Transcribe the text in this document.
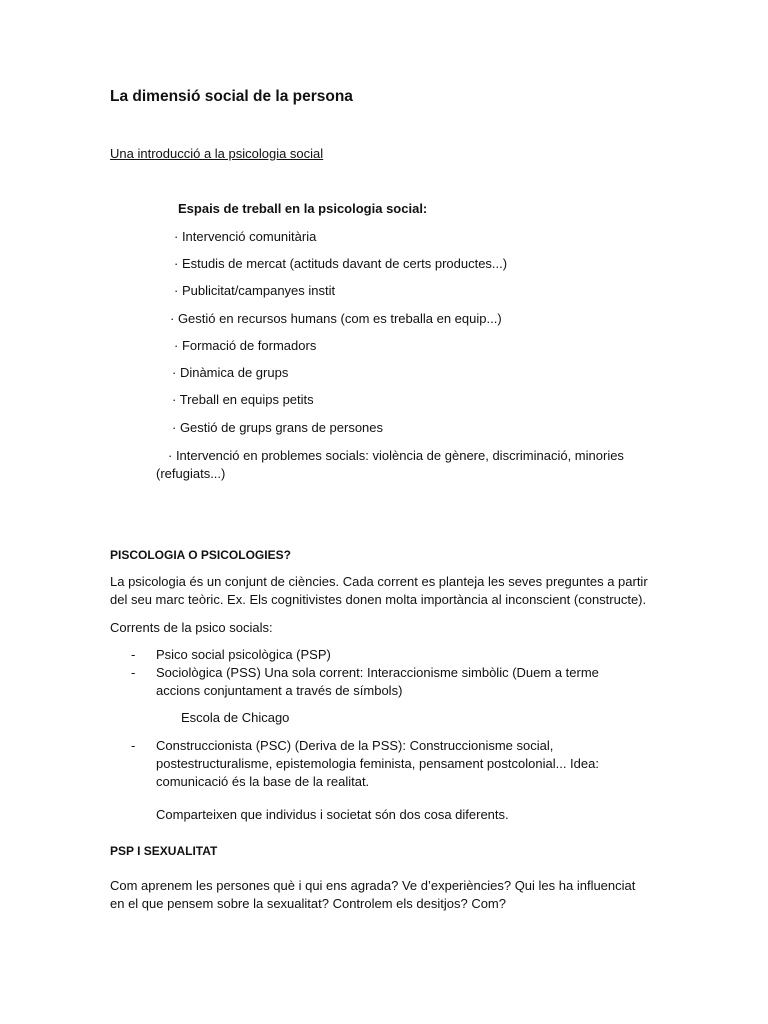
La dimensió social de la persona
Una introducció a la psicologia social
Espais de treball en la psicologia social:
· Intervenció comunitària
· Estudis de mercat (actituds davant de certs productes...)
· Publicitat/campanyes instit
· Gestió en recursos humans (com es treballa en equip...)
· Formació de formadors
· Dinàmica de grups
· Treball en equips petits
· Gestió de grups grans de persones
· Intervenció en problemes socials: violència de gènere, discriminació, minories
(refugiats...)
PISCOLOGIA O PSICOLOGIES?
La psicologia és un conjunt de ciències. Cada corrent es planteja les seves preguntes a partir del seu marc teòric. Ex. Els cognitivistes donen molta importància al inconscient (constructe).
Corrents de la psico socials:
- Psico social psicològica (PSP)
- Sociològica (PSS) Una sola corrent: Interaccionisme simbòlic (Duem a terme accions conjuntament a través de símbols)
Escola de Chicago
- Construccionista (PSC) (Deriva de la PSS): Construccionisme social, postestructuralisme, epistemologia feminista, pensament postcolonial... Idea: comunicació és la base de la realitat.
Comparteixen que individus i societat són dos cosa diferents.
PSP I SEXUALITAT
Com aprenem les persones què i qui ens agrada? Ve d’experiències? Qui les ha influenciat en el que pensem sobre la sexualitat? Controlem els desitjos? Com?
